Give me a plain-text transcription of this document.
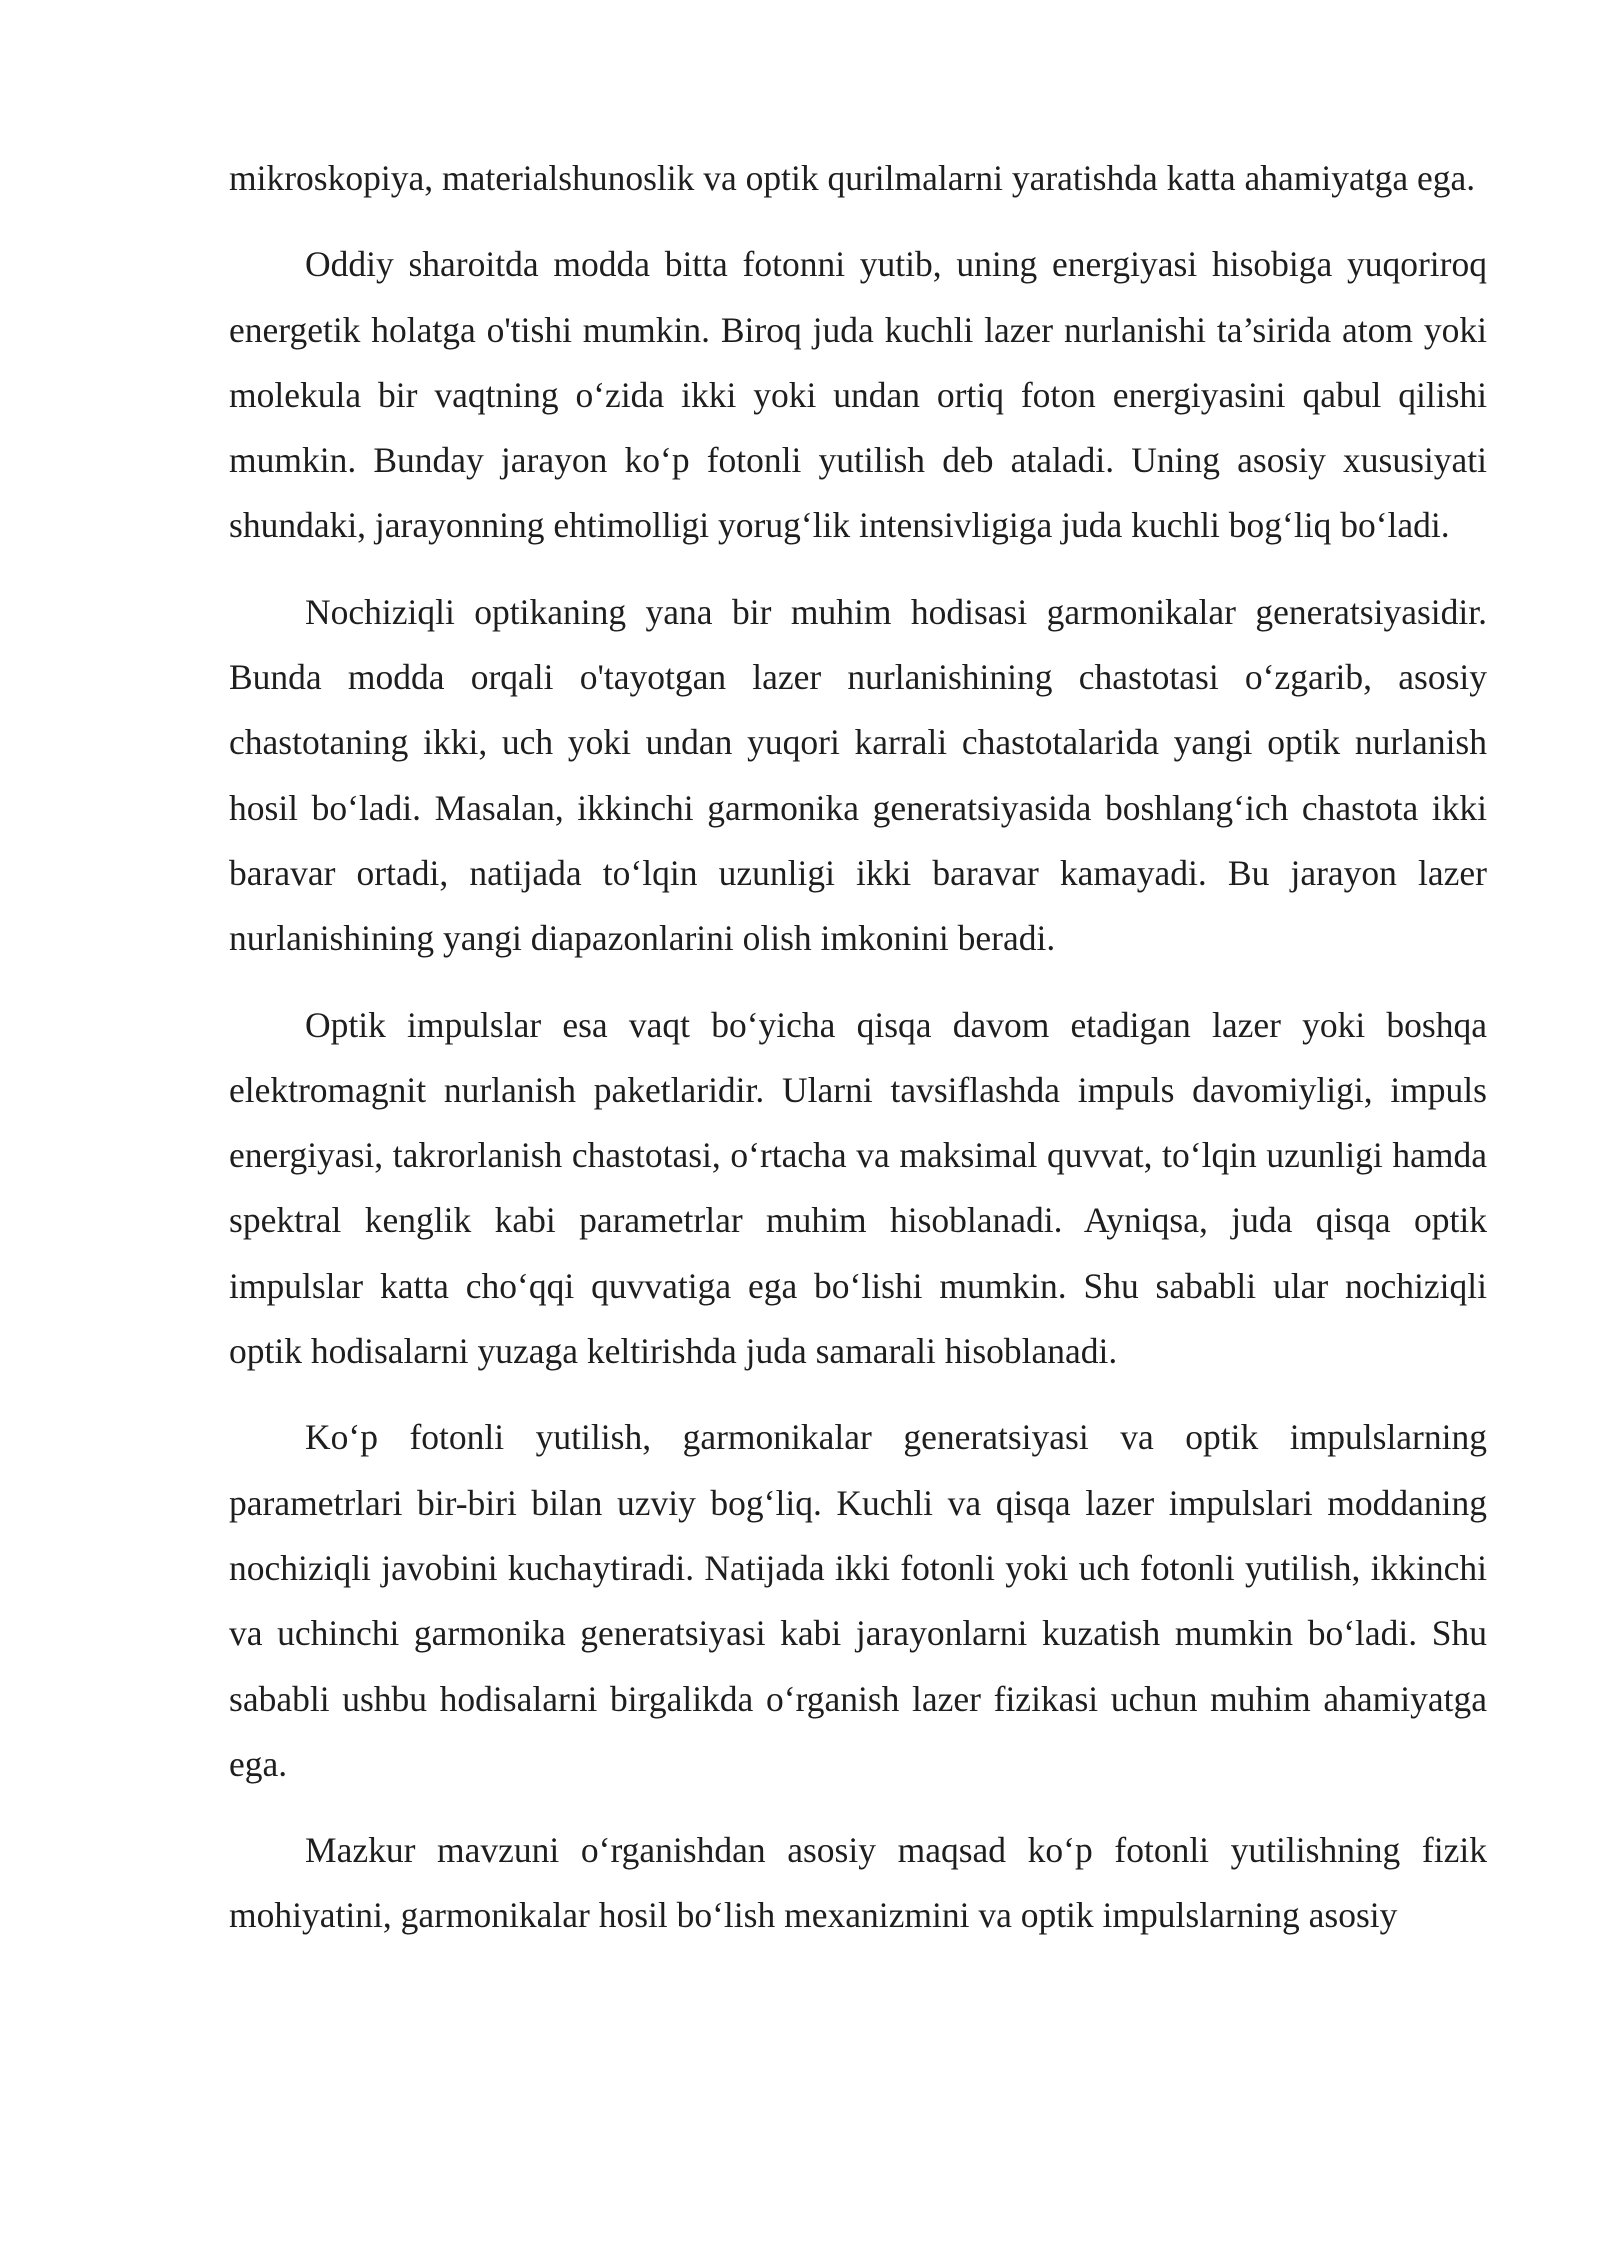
mikroskopiya, materialshunoslik va optik qurilmalarni yaratishda katta ahamiyatga ega.

Oddiy sharoitda modda bitta fotonni yutib, uning energiyasi hisobiga yuqoriroq energetik holatga o'tishi mumkin. Biroq juda kuchli lazer nurlanishi ta’sirida atom yoki molekula bir vaqtning o‘zida ikki yoki undan ortiq foton energiyasini qabul qilishi mumkin. Bunday jarayon ko‘p fotonli yutilish deb ataladi. Uning asosiy xususiyati shundaki, jarayonning ehtimolligi yorug‘lik intensivligiga juda kuchli bog‘liq bo‘ladi.

Nochiziqli optikaning yana bir muhim hodisasi garmonikalar generatsiyasidir. Bunda modda orqali o'tayotgan lazer nurlanishining chastotasi o‘zgarib, asosiy chastotaning ikki, uch yoki undan yuqori karrali chastotalarida yangi optik nurlanish hosil bo‘ladi. Masalan, ikkinchi garmonika generatsiyasida boshlang‘ich chastota ikki baravar ortadi, natijada to‘lqin uzunligi ikki baravar kamayadi. Bu jarayon lazer nurlanishining yangi diapazonlarini olish imkonini beradi.

Optik impulslar esa vaqt bo‘yicha qisqa davom etadigan lazer yoki boshqa elektromagnit nurlanish paketlaridir. Ularni tavsiflashda impuls davomiyligi, impuls energiyasi, takrorlanish chastotasi, o‘rtacha va maksimal quvvat, to‘lqin uzunligi hamda spektral kenglik kabi parametrlar muhim hisoblanadi. Ayniqsa, juda qisqa optik impulslar katta cho‘qqi quvvatiga ega bo‘lishi mumkin. Shu sababli ular nochiziqli optik hodisalarni yuzaga keltirishda juda samarali hisoblanadi.

Ko‘p fotonli yutilish, garmonikalar generatsiyasi va optik impulslarning parametrlari bir-biri bilan uzviy bog‘liq. Kuchli va qisqa lazer impulslari moddaning nochiziqli javobini kuchaytiradi. Natijada ikki fotonli yoki uch fotonli yutilish, ikkinchi va uchinchi garmonika generatsiyasi kabi jarayonlarni kuzatish mumkin bo‘ladi. Shu sababli ushbu hodisalarni birgalikda o‘rganish lazer fizikasi uchun muhim ahamiyatga ega.

Mazkur mavzuni o‘rganishdan asosiy maqsad ko‘p fotonli yutilishning fizik mohiyatini, garmonikalar hosil bo‘lish mexanizmini va optik impulslarning asosiy
